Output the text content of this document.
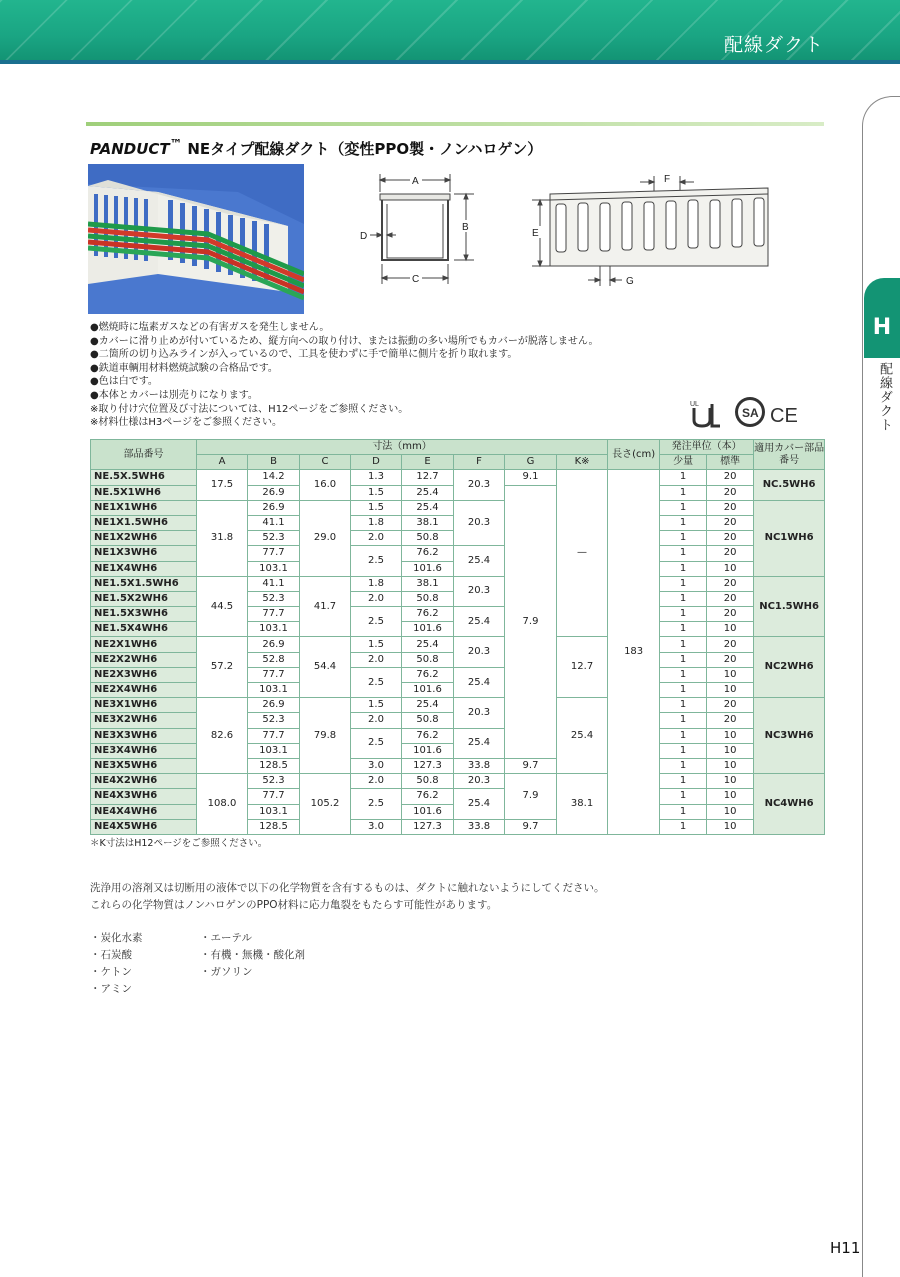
配線ダクト
H
配線ダクト
PANDUCT™ NEタイプ配線ダクト（変性PPO製・ノンハロゲン）
A
C
B
D
F
E
G
●燃焼時に塩素ガスなどの有害ガスを発生しません。
●カバーに滑り止めが付いているため、縦方向への取り付け、または振動の多い場所でもカバーが脱落しません。
●二箇所の切り込みラインが入っているので、工具を使わずに手で簡単に側片を折り取れます。
●鉄道車輌用材料燃焼試験の合格品です。
●色は白です。
●本体とカバーは別売りになります。
※取り付け穴位置及び寸法については、H12ページをご参照ください。
※材料仕様はH3ページをご参照ください。
UL
SA CE
部品番号	寸法（mm）								長さ(cm)	発注単位（本）		適用カバー部品番号
	A	B	C	D	E	F	G	K※		少量	標準	
NE.5X.5WH6	17.5	14.2	16.0	1.3	12.7	20.3	9.1	—	183	1	20	NC.5WH6
NE.5X1WH6		26.9		1.5	25.4		7.9			1	20	
NE1X1WH6	31.8	26.9	29.0	1.5	25.4	20.3				1	20	NC1WH6
NE1X1.5WH6		41.1		1.8	38.1					1	20	
NE1X2WH6		52.3		2.0	50.8					1	20	
NE1X3WH6		77.7		2.5	76.2	25.4				1	20	
NE1X4WH6		103.1			101.6					1	10	
NE1.5X1.5WH6	44.5	41.1	41.7	1.8	38.1	20.3				1	20	NC1.5WH6
NE1.5X2WH6		52.3		2.0	50.8					1	20	
NE1.5X3WH6		77.7		2.5	76.2	25.4				1	20	
NE1.5X4WH6		103.1			101.6					1	10	
NE2X1WH6	57.2	26.9	54.4	1.5	25.4	20.3		12.7		1	20	NC2WH6
NE2X2WH6		52.8		2.0	50.8					1	20	
NE2X3WH6		77.7		2.5	76.2	25.4				1	10	
NE2X4WH6		103.1			101.6					1	10	
NE3X1WH6	82.6	26.9	79.8	1.5	25.4	20.3		25.4		1	20	NC3WH6
NE3X2WH6		52.3		2.0	50.8					1	20	
NE3X3WH6		77.7		2.5	76.2	25.4				1	10	
NE3X4WH6		103.1			101.6					1	10	
NE3X5WH6		128.5		3.0	127.3	33.8	9.7			1	10	
NE4X2WH6	108.0	52.3	105.2	2.0	50.8	20.3	7.9	38.1		1	10	NC4WH6
NE4X3WH6		77.7		2.5	76.2	25.4				1	10	
NE4X4WH6		103.1			101.6					1	10	
NE4X5WH6		128.5		3.0	127.3	33.8	9.7			1	10	
＊K寸法はH12ページをご参照ください。
洗浄用の溶剤又は切断用の液体で以下の化学物質を含有するものは、ダクトに触れないようにしてください。
これらの化学物質はノンハロゲンのPPO材料に応力亀裂をもたらす可能性があります。
・炭化水素
・石炭酸
・ケトン
・アミン
・エーテル
・有機・無機・酸化剤
・ガソリン
H11
